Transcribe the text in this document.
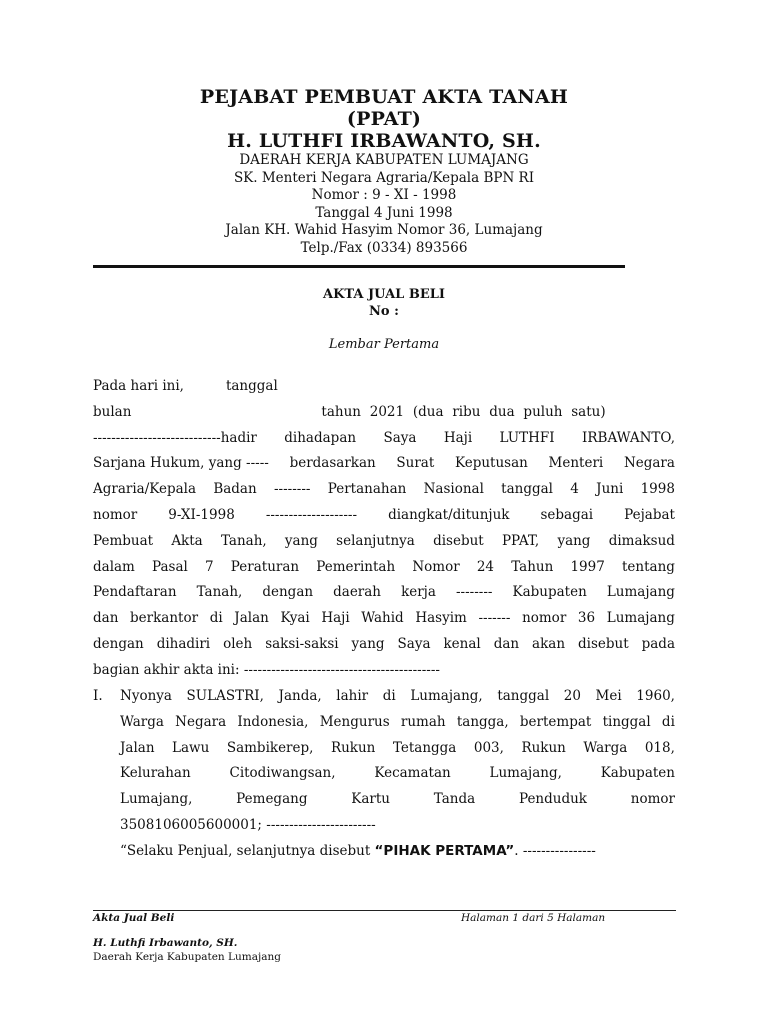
PEJABAT PEMBUAT AKTA TANAH
(PPAT)
H. LUTHFI IRBAWANTO, SH.
DAERAH KERJA KABUPATEN LUMAJANG
SK. Menteri Negara Agraria/Kepala BPN RI
Nomor : 9 - XI - 1998
Tanggal 4 Juni 1998
Jalan KH. Wahid Hasyim Nomor 36, Lumajang
Telp./Fax (0334) 893566
AKTA JUAL BELI
No :
Lembar Pertama
Pada hari ini,	tanggal
bulan	tahun 2021 (dua ribu dua puluh satu)
----------------------------hadir dihadapan Saya Haji LUTHFI IRBAWANTO,
Sarjana Hukum, yang ----- berdasarkan Surat Keputusan Menteri Negara
Agraria/Kepala Badan -------- Pertanahan Nasional tanggal 4 Juni 1998
nomor 9-XI-1998 -------------------- diangkat/ditunjuk sebagai Pejabat
Pembuat Akta Tanah, yang selanjutnya disebut PPAT, yang dimaksud
dalam Pasal 7 Peraturan Pemerintah Nomor 24 Tahun 1997 tentang
Pendaftaran Tanah, dengan daerah kerja -------- Kabupaten Lumajang
dan berkantor di Jalan Kyai Haji Wahid Hasyim ------- nomor 36 Lumajang
dengan dihadiri oleh saksi-saksi yang Saya kenal dan akan disebut pada
bagian akhir akta ini: -------------------------------------------
I. Nyonya SULASTRI, Janda, lahir di Lumajang, tanggal 20 Mei 1960,
Warga Negara Indonesia, Mengurus rumah tangga, bertempat tinggal di
Jalan Lawu Sambikerep, Rukun Tetangga 003, Rukun Warga 018,
Kelurahan	Citodiwangsan,	Kecamatan	Lumajang,	Kabupaten
Lumajang,	Pemegang	Kartu	Tanda	Penduduk	nomor
3508106005600001; ------------------------
“Selaku Penjual, selanjutnya disebut “PIHAK PERTAMA”. ----------------
Akta Jual Beli	Halaman 1 dari 5 Halaman
H. Luthfi Irbawanto, SH.
Daerah Kerja Kabupaten Lumajang
